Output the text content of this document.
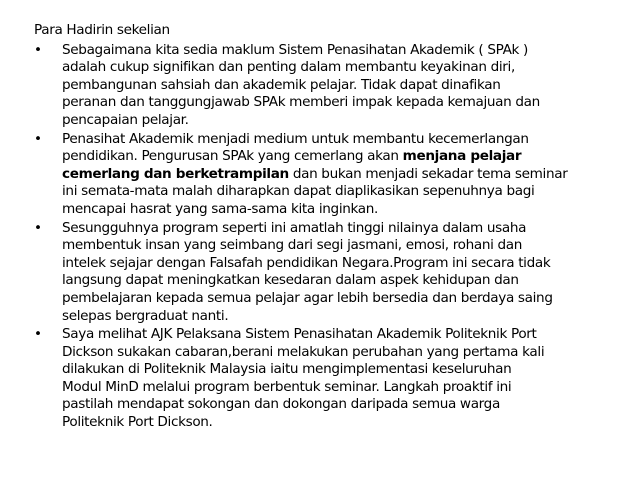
Para Hadirin sekelian
•	Sebagaimana kita sedia maklum Sistem Penasihatan Akademik ( SPAk )
adalah cukup signifikan dan penting dalam membantu keyakinan diri,
pembangunan sahsiah dan akademik pelajar. Tidak dapat dinafikan
peranan dan tanggungjawab SPAk memberi impak kepada kemajuan dan
pencapaian pelajar.
•	Penasihat Akademik menjadi medium untuk membantu kecemerlangan
pendidikan. Pengurusan SPAk yang cemerlang akan menjana pelajar
cemerlang dan berketrampilan dan bukan menjadi sekadar tema seminar
ini semata-mata malah diharapkan dapat diaplikasikan sepenuhnya bagi
mencapai hasrat yang sama-sama kita inginkan.
•	Sesungguhnya program seperti ini amatlah tinggi nilainya dalam usaha
membentuk insan yang seimbang dari segi jasmani, emosi, rohani dan
intelek sejajar dengan Falsafah pendidikan Negara.Program ini secara tidak
langsung dapat meningkatkan kesedaran dalam aspek kehidupan dan
pembelajaran kepada semua pelajar agar lebih bersedia dan berdaya saing
selepas bergraduat nanti.
•	Saya melihat AJK Pelaksana Sistem Penasihatan Akademik Politeknik Port
Dickson sukakan cabaran,berani melakukan perubahan yang pertama kali
dilakukan di Politeknik Malaysia iaitu mengimplementasi keseluruhan
Modul MinD melalui program berbentuk seminar. Langkah proaktif ini
pastilah mendapat sokongan dan dokongan daripada semua warga
Politeknik Port Dickson.
